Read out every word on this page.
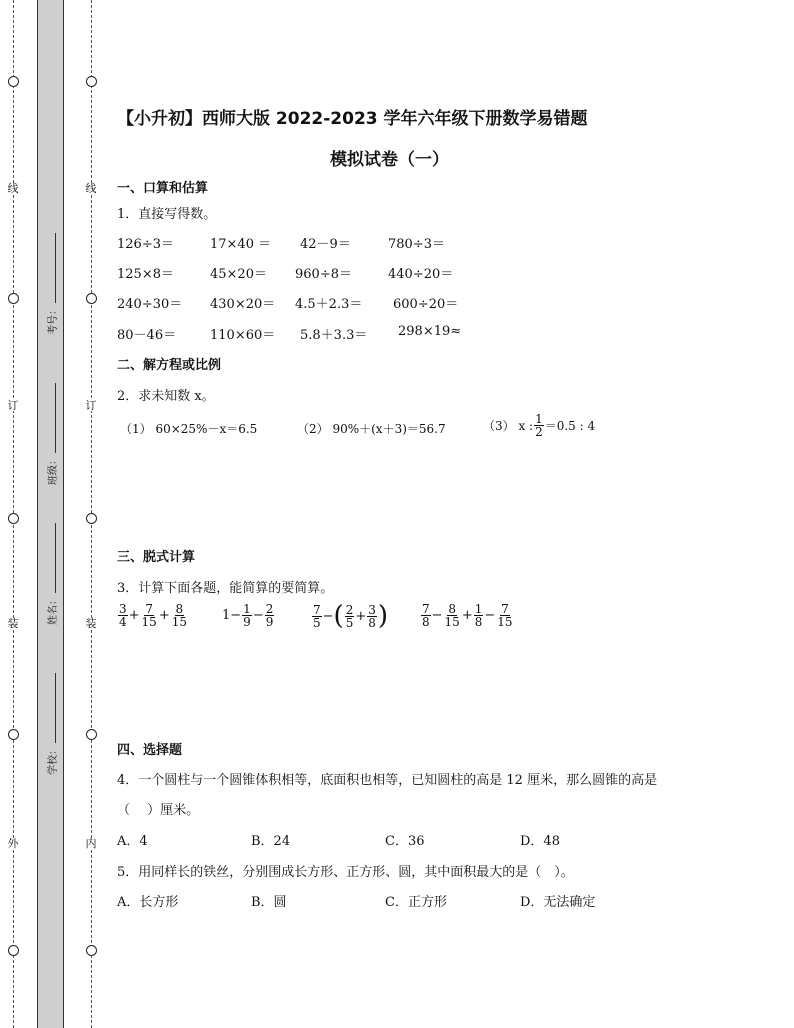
线
订
装
外
线
订
装
内
考号：
班级：
姓名：
学校：
【小升初】西师大版 2022-2023 学年六年级下册数学易错题
模拟试卷（一）
一、口算和估算
1．直接写得数。
126÷3＝	17×40 ＝ 42－9＝	780÷3＝
125×8＝	45×20＝ 960÷8＝	440÷20＝
240÷30＝ 430×20＝ 4.5＋2.3＝ 600÷20＝
80－46＝	110×60＝ 5.8＋3.3＝ 298×19≈
二、解方程或比例
2．求未知数 x。
（1） 60×25%－x＝6.5	（2） 90%＋(x＋3)＝56.7	（3） x : $\frac{1}{2} =0.5$ : 4
三、脱式计算
3．计算下面各题，能简算的要简算。
$\frac{3}{4} + \frac{7}{15} + \frac{8}{15}$	$1- \frac{1}{9} - \frac{2}{9}$	$\frac{7}{5}$ − ( $\frac{2}{5} + \frac{3}{8}$ )	$\frac{7}{8} - \frac{8}{15} + \frac{1}{8} - \frac{7}{15}$
四、选择题
4．一个圆柱与一个圆锥体积相等，底面积也相等，已知圆柱的高是 12 厘米，那么圆锥的高是
（　 ）厘米。
A．4	B．24	C．36	D．48
5．用同样长的铁丝，分别围成长方形、正方形、圆，其中面积最大的是（　）。
A．长方形	B．圆	C．正方形	D．无法确定
